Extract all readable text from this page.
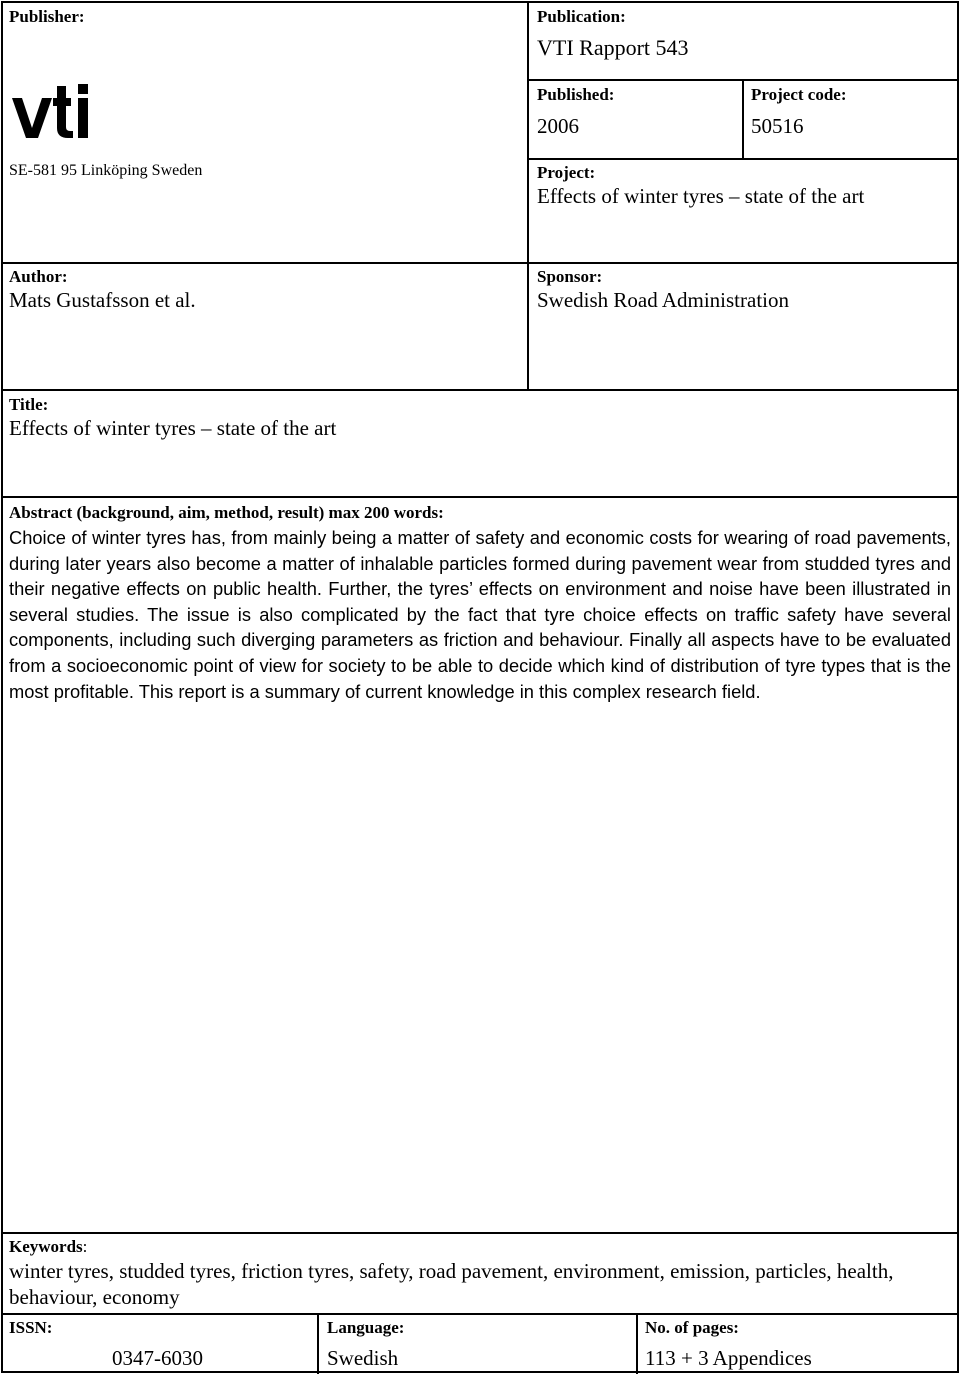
Publisher:
SE-581 95 Linköping Sweden
Publication:
VTI Rapport 543
Published:
2006
Project code:
50516
Project:
Effects of winter tyres – state of the art
Author:
Mats Gustafsson et al.
Sponsor:
Swedish Road Administration
Title:
Effects of winter tyres – state of the art
Abstract (background, aim, method, result) max 200 words:
Choice of winter tyres has, from mainly being a matter of safety and economic costs for wearing of road pavements, during later years also become a matter of inhalable particles formed during pavement wear from studded tyres and their negative effects on public health. Further, the tyres’ effects on environment and noise have been illustrated in several studies. The issue is also complicated by the fact that tyre choice effects on traffic safety have several components, including such diverging parameters as friction and behaviour. Finally all aspects have to be evaluated from a socioeconomic point of view for society to be able to decide which kind of distribution of tyre types that is the most profitable. This report is a summary of current knowledge in this complex research field.
Keywords:
winter tyres, studded tyres, friction tyres, safety, road pavement, environment, emission, particles, health, behaviour, economy
ISSN:
0347-6030
Language:
Swedish
No. of pages:
113 + 3 Appendices
